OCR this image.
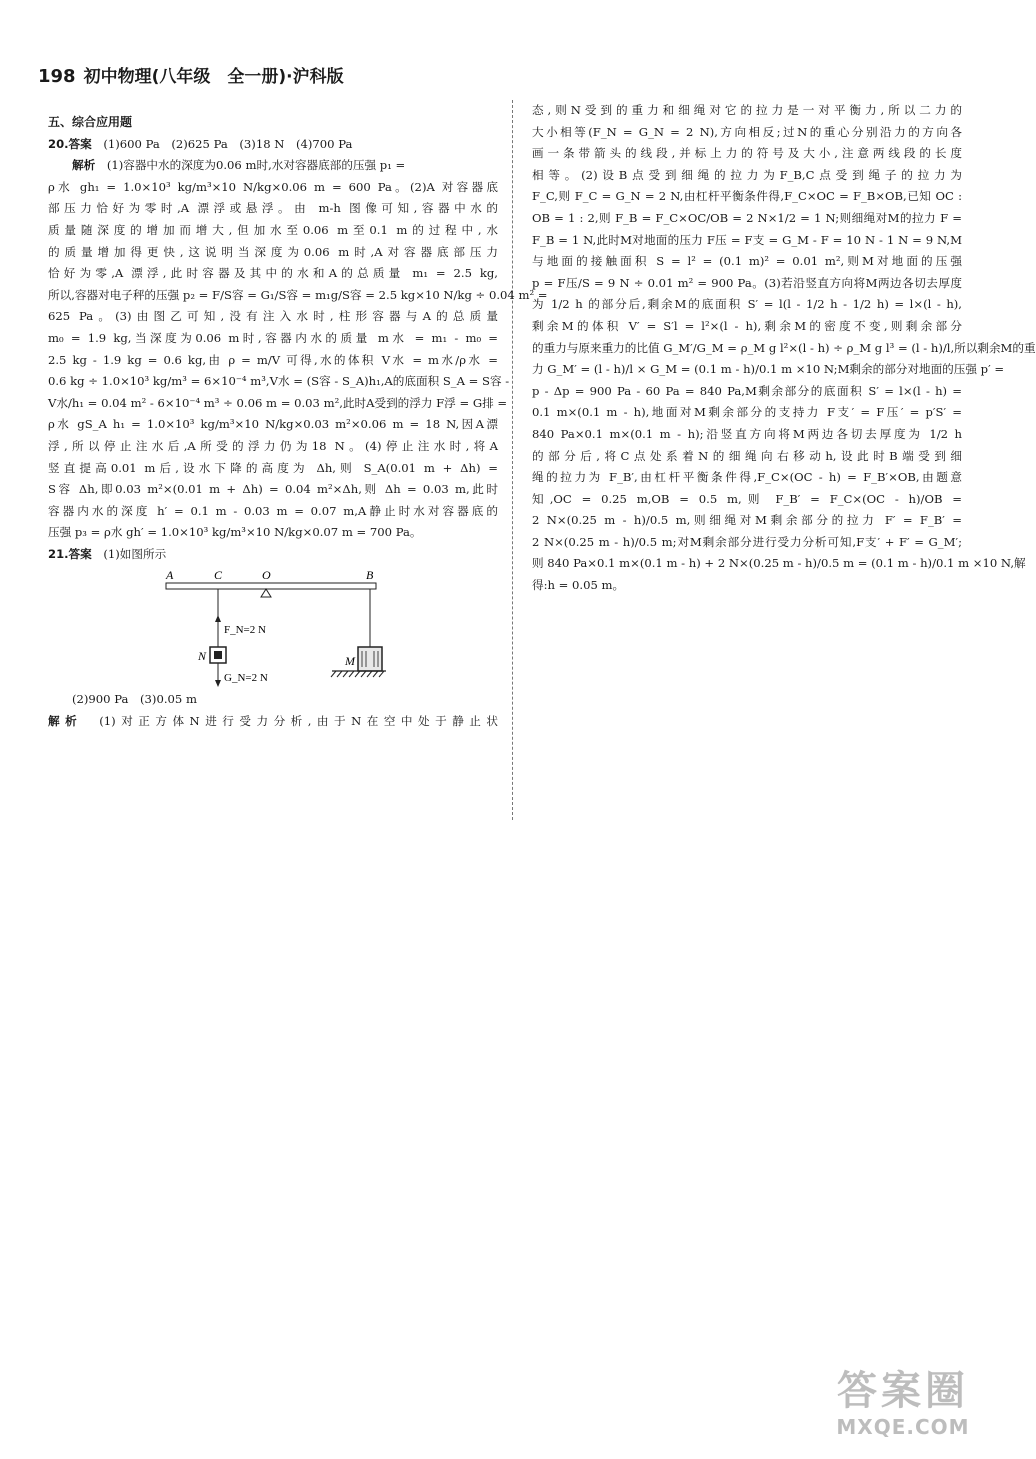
198 初中物理(八年级　全一册)·沪科版
五、综合应用题
20.答案　 (1)600 Pa　(2)625 Pa　(3)18 N　(4)700 Pa
解析　 (1)容器中水的深度为0.06 m时,水对容器底部的压强 p₁ =
ρ水 gh₁ = 1.0×10³ kg/m³×10 N/kg×0.06 m = 600 Pa。(2)A 对容器底
部压力恰好为零时,A 漂浮或悬浮。由 m-h 图像可知,容器中水的
质量随深度的增加而增大,但加水至0.06 m至0.1 m的过程中,水
的质量增加得更快,这说明当深度为0.06 m时,A对容器底部压力
恰好为零,A 漂浮,此时容器及其中的水和A的总质量 m₁ = 2.5 kg,
所以,容器对电子秤的压强 p₂ = F/S容 = G₁/S容 = m₁g/S容 = 2.5 kg×10 N/kg ÷ 0.04 m² =
625 Pa。(3)由图乙可知,没有注入水时,柱形容器与A的总质量
m₀ = 1.9 kg,当深度为0.06 m时,容器内水的质量 m水 = m₁ - m₀ =
2.5 kg - 1.9 kg = 0.6 kg,由 ρ = m/V 可得,水的体积 V水 = m水/ρ水 =
0.6 kg ÷ 1.0×10³ kg/m³ = 6×10⁻⁴ m³,V水 = (S容 - S_A)h₁,A的底面积 S_A = S容 -
V水/h₁ = 0.04 m² - 6×10⁻⁴ m³ ÷ 0.06 m = 0.03 m²,此时A受到的浮力 F浮 = G排 =
ρ水 gS_A h₁ = 1.0×10³ kg/m³×10 N/kg×0.03 m²×0.06 m = 18 N,因A漂
浮,所以停止注水后,A所受的浮力仍为18 N。(4)停止注水时,将A
竖直提高0.01 m后,设水下降的高度为 Δh,则 S_A(0.01 m + Δh) =
S容 Δh,即0.03 m²×(0.01 m + Δh) = 0.04 m²×Δh,则 Δh = 0.03 m,此时
容器内水的深度 h′ = 0.1 m - 0.03 m = 0.07 m,A静止时水对容器底的
压强 p₃ = ρ水 gh′ = 1.0×10³ kg/m³×10 N/kg×0.07 m = 700 Pa。
21.答案　 (1)如图所示
A	C	O	B
N
F_N=2 N
G_N=2 N
M
(2)900 Pa　(3)0.05 m
解析　 (1)对正方体N进行受力分析,由于N在空中处于静止状
态,则N受到的重力和细绳对它的拉力是一对平衡力,所以二力的
大小相等(F_N = G_N = 2 N),方向相反;过N的重心分别沿力的方向各
画一条带箭头的线段,并标上力的符号及大小,注意两线段的长度
相等。(2)设B点受到细绳的拉力为F_B,C点受到绳子的拉力为
F_C,则 F_C = G_N = 2 N,由杠杆平衡条件得,F_C×OC = F_B×OB,已知 OC :
OB = 1 : 2,则 F_B = F_C×OC/OB = 2 N×1/2 = 1 N;则细绳对M的拉力 F =
F_B = 1 N,此时M对地面的压力 F压 = F支 = G_M - F = 10 N - 1 N = 9 N,M
与地面的接触面积 S = l² = (0.1 m)² = 0.01 m²,则M对地面的压强
p = F压/S = 9 N ÷ 0.01 m² = 900 Pa。(3)若沿竖直方向将M两边各切去厚度
为 1/2 h 的部分后,剩余M的底面积 S′ = l(l - 1/2 h - 1/2 h) = l×(l - h),
剩余M的体积 V′ = S′l = l²×(l - h),剩余M的密度不变,则剩余部分
的重力与原来重力的比值 G_M′/G_M = ρ_M g l²×(l - h) ÷ ρ_M g l³ = (l - h)/l,所以剩余M的重
力 G_M′ = (l - h)/l × G_M = (0.1 m - h)/0.1 m ×10 N;M剩余的部分对地面的压强 p′ =
p - Δp = 900 Pa - 60 Pa = 840 Pa,M剩余部分的底面积 S′ = l×(l - h) =
0.1 m×(0.1 m - h),地面对M剩余部分的支持力 F支′ = F压′ = p′S′ =
840 Pa×0.1 m×(0.1 m - h);沿竖直方向将M两边各切去厚度为 1/2 h
的部分后,将C点处系着N的细绳向右移动h,设此时B端受到细
绳的拉力为 F_B′,由杠杆平衡条件得,F_C×(OC - h) = F_B′×OB,由题意
知,OC = 0.25 m,OB = 0.5 m,则 F_B′ = F_C×(OC - h)/OB =
2 N×(0.25 m - h)/0.5 m,则细绳对M剩余部分的拉力 F′ = F_B′ =
2 N×(0.25 m - h)/0.5 m;对M剩余部分进行受力分析可知,F支′ + F′ = G_M′;
则 840 Pa×0.1 m×(0.1 m - h) + 2 N×(0.25 m - h)/0.5 m = (0.1 m - h)/0.1 m ×10 N,解
得:h = 0.05 m。
答案圈
MXQE.COM
